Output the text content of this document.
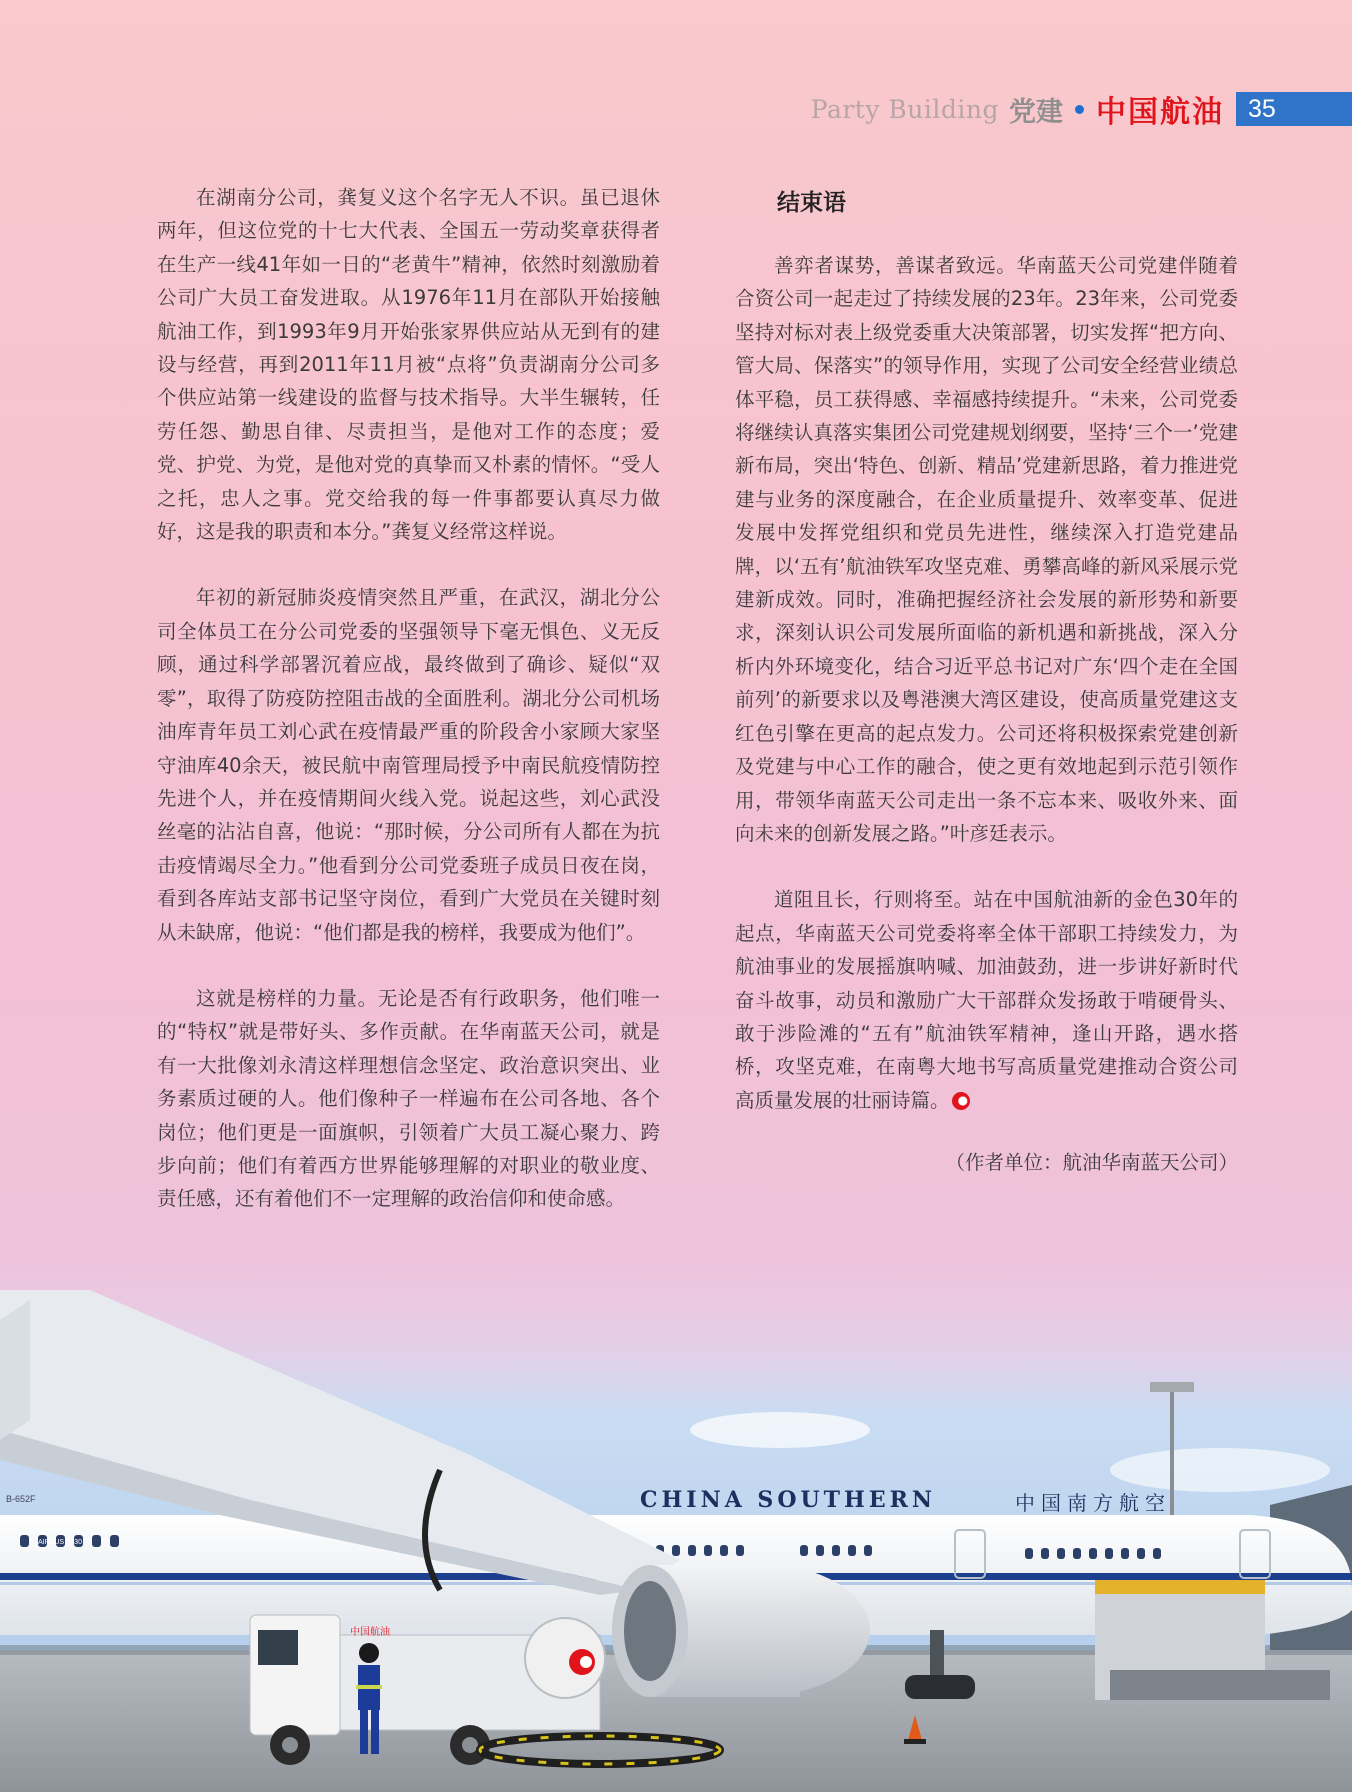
Party Building 党建 中国航油 35

在湖南分公司，龚复义这个名字无人不识。虽已退休两年，但这位党的十七大代表、全国五一劳动奖章获得者在生产一线41年如一日的“老黄牛”精神，依然时刻激励着公司广大员工奋发进取。从1976年11月在部队开始接触航油工作，到1993年9月开始张家界供应站从无到有的建设与经营，再到2011年11月被“点将”负责湖南分公司多个供应站第一线建设的监督与技术指导。大半生辗转，任劳任怨、勤思自律、尽责担当，是他对工作的态度；爱党、护党、为党，是他对党的真挚而又朴素的情怀。“受人之托，忠人之事。党交给我的每一件事都要认真尽力做好，这是我的职责和本分。”龚复义经常这样说。

年初的新冠肺炎疫情突然且严重，在武汉，湖北分公司全体员工在分公司党委的坚强领导下毫无惧色、义无反顾，通过科学部署沉着应战，最终做到了确诊、疑似“双零”，取得了防疫防控阻击战的全面胜利。湖北分公司机场油库青年员工刘心武在疫情最严重的阶段舍小家顾大家坚守油库40余天，被民航中南管理局授予中南民航疫情防控先进个人，并在疫情期间火线入党。说起这些，刘心武没丝毫的沾沾自喜，他说：“那时候，分公司所有人都在为抗击疫情竭尽全力。”他看到分公司党委班子成员日夜在岗，看到各库站支部书记坚守岗位，看到广大党员在关键时刻从未缺席，他说：“他们都是我的榜样，我要成为他们”。

这就是榜样的力量。无论是否有行政职务，他们唯一的“特权”就是带好头、多作贡献。在华南蓝天公司，就是有一大批像刘永清这样理想信念坚定、政治意识突出、业务素质过硬的人。他们像种子一样遍布在公司各地、各个岗位；他们更是一面旗帜，引领着广大员工凝心聚力、跨步向前；他们有着西方世界能够理解的对职业的敬业度、责任感，还有着他们不一定理解的政治信仰和使命感。

结束语

善弈者谋势，善谋者致远。华南蓝天公司党建伴随着合资公司一起走过了持续发展的23年。23年来，公司党委坚持对标对表上级党委重大决策部署，切实发挥“把方向、管大局、保落实”的领导作用，实现了公司安全经营业绩总体平稳，员工获得感、幸福感持续提升。“未来，公司党委将继续认真落实集团公司党建规划纲要，坚持‘三个一’党建新布局，突出‘特色、创新、精品’党建新思路，着力推进党建与业务的深度融合，在企业质量提升、效率变革、促进发展中发挥党组织和党员先进性，继续深入打造党建品牌，以‘五有’航油铁军攻坚克难、勇攀高峰的新风采展示党建新成效。同时，准确把握经济社会发展的新形势和新要求，深刻认识公司发展所面临的新机遇和新挑战，深入分析内外环境变化，结合习近平总书记对广东‘四个走在全国前列’的新要求以及粤港澳大湾区建设，使高质量党建这支红色引擎在更高的起点发力。公司还将积极探索党建创新及党建与中心工作的融合，使之更有效地起到示范引领作用，带领华南蓝天公司走出一条不忘本来、吸收外来、面向未来的创新发展之路。”叶彦廷表示。

道阻且长，行则将至。站在中国航油新的金色30年的起点，华南蓝天公司党委将率全体干部职工持续发力，为航油事业的发展摇旗呐喊、加油鼓劲，进一步讲好新时代奋斗故事，动员和激励广大干部群众发扬敢于啃硬骨头、敢于涉险滩的“五有”航油铁军精神，逢山开路，遇水搭桥，攻坚克难，在南粤大地书写高质量党建推动合资公司高质量发展的壮丽诗篇。

（作者单位：航油华南蓝天公司）

CHINA SOUTHERN	中国南方航空
B-652F
AIRBUS A330
中国航油
